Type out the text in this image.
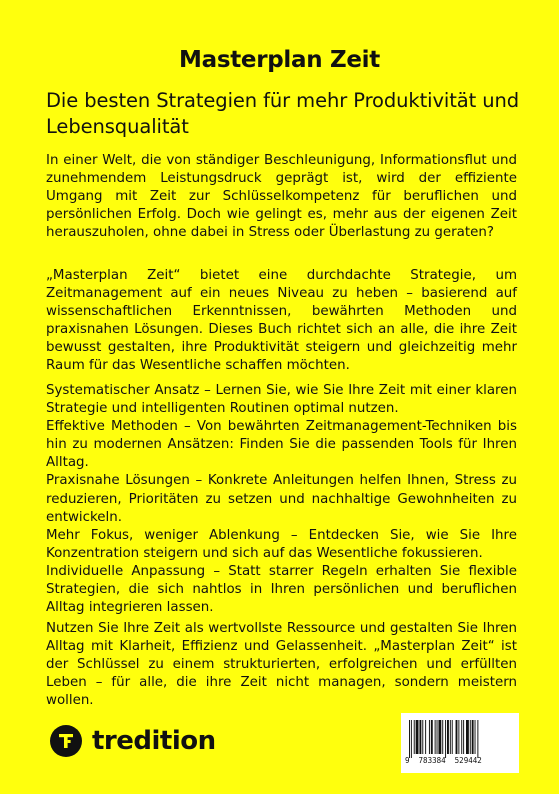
Masterplan Zeit
Die besten Strategien für mehr Produktivität und Lebensqualität

In einer Welt, die von ständiger Beschleunigung, Informationsflut und zunehmendem Leistungsdruck geprägt ist, wird der effiziente Umgang mit Zeit zur Schlüsselkompetenz für beruflichen und persönlichen Erfolg. Doch wie gelingt es, mehr aus der eigenen Zeit herauszuholen, ohne dabei in Stress oder Überlastung zu geraten?

„Masterplan Zeit“ bietet eine durchdachte Strategie, um Zeitmanagement auf ein neues Niveau zu heben – basierend auf wissenschaftlichen Erkenntnissen, bewährten Methoden und praxisnahen Lösungen. Dieses Buch richtet sich an alle, die ihre Zeit bewusst gestalten, ihre Produktivität steigern und gleichzeitig mehr Raum für das Wesentliche schaffen möchten.

Systematischer Ansatz – Lernen Sie, wie Sie Ihre Zeit mit einer klaren Strategie und intelligenten Routinen optimal nutzen.
Effektive Methoden – Von bewährten Zeitmanagement-Techniken bis hin zu modernen Ansätzen: Finden Sie die passenden Tools für Ihren Alltag.
Praxisnahe Lösungen – Konkrete Anleitungen helfen Ihnen, Stress zu reduzieren, Prioritäten zu setzen und nachhaltige Gewohnheiten zu entwickeln.
Mehr Fokus, weniger Ablenkung – Entdecken Sie, wie Sie Ihre Konzentration steigern und sich auf das Wesentliche fokussieren.
Individuelle Anpassung – Statt starrer Regeln erhalten Sie flexible Strategien, die sich nahtlos in Ihren persönlichen und beruflichen Alltag integrieren lassen.

Nutzen Sie Ihre Zeit als wertvollste Ressource und gestalten Sie Ihren Alltag mit Klarheit, Effizienz und Gelassenheit. „Masterplan Zeit“ ist der Schlüssel zu einem strukturierten, erfolgreichen und erfüllten Leben – für alle, die ihre Zeit nicht managen, sondern meistern wollen.

tredition
9  783384  529442
